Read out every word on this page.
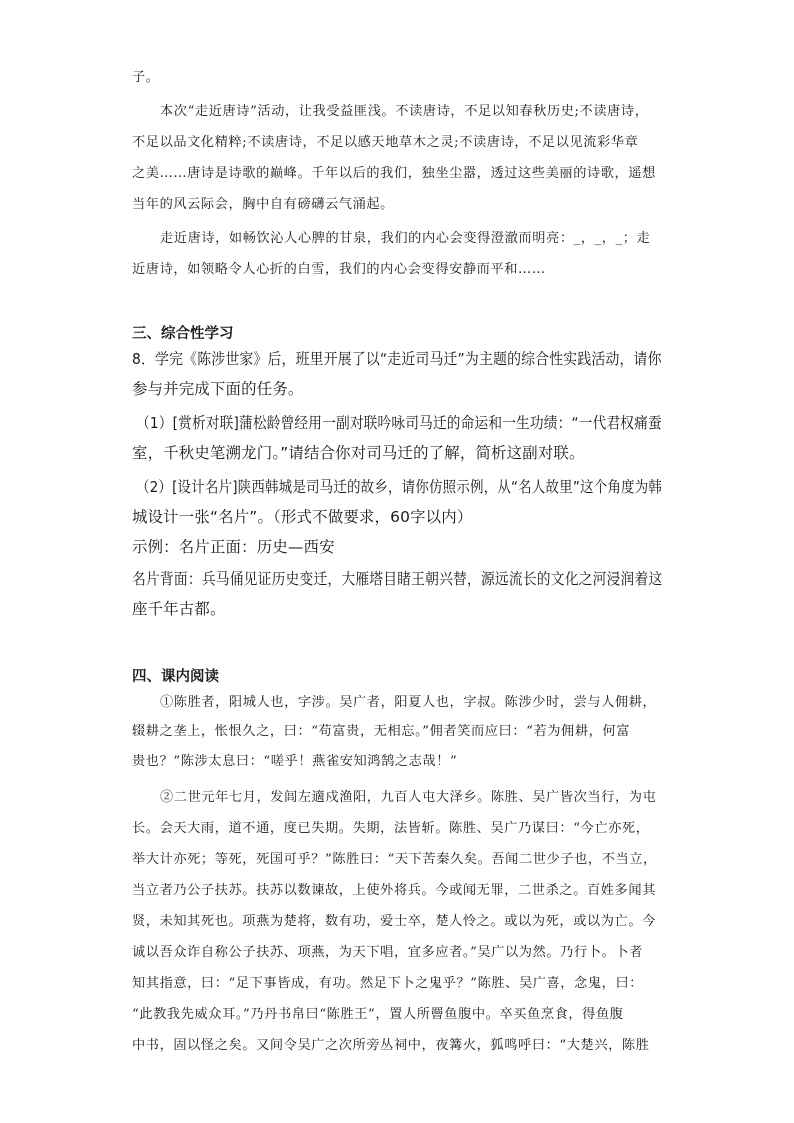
子。
本次“走近唐诗”活动，让我受益匪浅。不读唐诗，不足以知春秋历史;不读唐诗，
不足以品文化精粹;不读唐诗，不足以感天地草木之灵;不读唐诗，不足以见流彩华章
之美……唐诗是诗歌的巅峰。千年以后的我们，独坐尘嚣，透过这些美丽的诗歌，遥想
当年的风云际会，胸中自有磅礴云气涌起。
走近唐诗，如畅饮沁人心脾的甘泉，我们的内心会变得澄澈而明亮：_，_，_；走
近唐诗，如领略令人心折的白雪，我们的内心会变得安静而平和……
三、综合性学习
8．学完《陈涉世家》后，班里开展了以“走近司马迁”为主题的综合性实践活动，请你
参与并完成下面的任务。
（1）[赏析对联]蒲松龄曾经用一副对联吟咏司马迁的命运和一生功绩：“一代君权痛蚕
室，千秋史笔溯龙门。”请结合你对司马迁的了解，简析这副对联。
（2）[设计名片]陕西韩城是司马迁的故乡，请你仿照示例，从“名人故里”这个角度为韩
城设计一张“名片”。（形式不做要求，60字以内）
示例：名片正面：历史—西安
名片背面：兵马俑见证历史变迁，大雁塔目睹王朝兴替，源远流长的文化之河浸润着这
座千年古都。
四、课内阅读
①陈胜者，阳城人也，字涉。吴广者，阳夏人也，字叔。陈涉少时，尝与人佣耕，
辍耕之垄上，怅恨久之，曰：“苟富贵，无相忘。”佣者笑而应曰：“若为佣耕，何富
贵也？”陈涉太息曰：“嗟乎！燕雀安知鸿鹄之志哉！”
②二世元年七月，发闾左適戍渔阳，九百人屯大泽乡。陈胜、吴广皆次当行，为屯
长。会天大雨，道不通，度已失期。失期，法皆斩。陈胜、吴广乃谋曰：“今亡亦死，
举大计亦死；等死，死国可乎？”陈胜曰：“天下苦秦久矣。吾闻二世少子也，不当立，
当立者乃公子扶苏。扶苏以数谏故，上使外将兵。今或闻无罪，二世杀之。百姓多闻其
贤，未知其死也。项燕为楚将，数有功，爱士卒，楚人怜之。或以为死，或以为亡。今
诚以吾众诈自称公子扶苏、项燕，为天下唱，宜多应者。”吴广以为然。乃行卜。卜者
知其指意，曰：“足下事皆成，有功。然足下卜之鬼乎？”陈胜、吴广喜，念鬼，曰：
“此教我先威众耳。”乃丹书帛曰“陈胜王”，置人所罾鱼腹中。卒买鱼烹食，得鱼腹
中书，固以怪之矣。又间令吴广之次所旁丛祠中，夜篝火，狐鸣呼曰：“大楚兴，陈胜
